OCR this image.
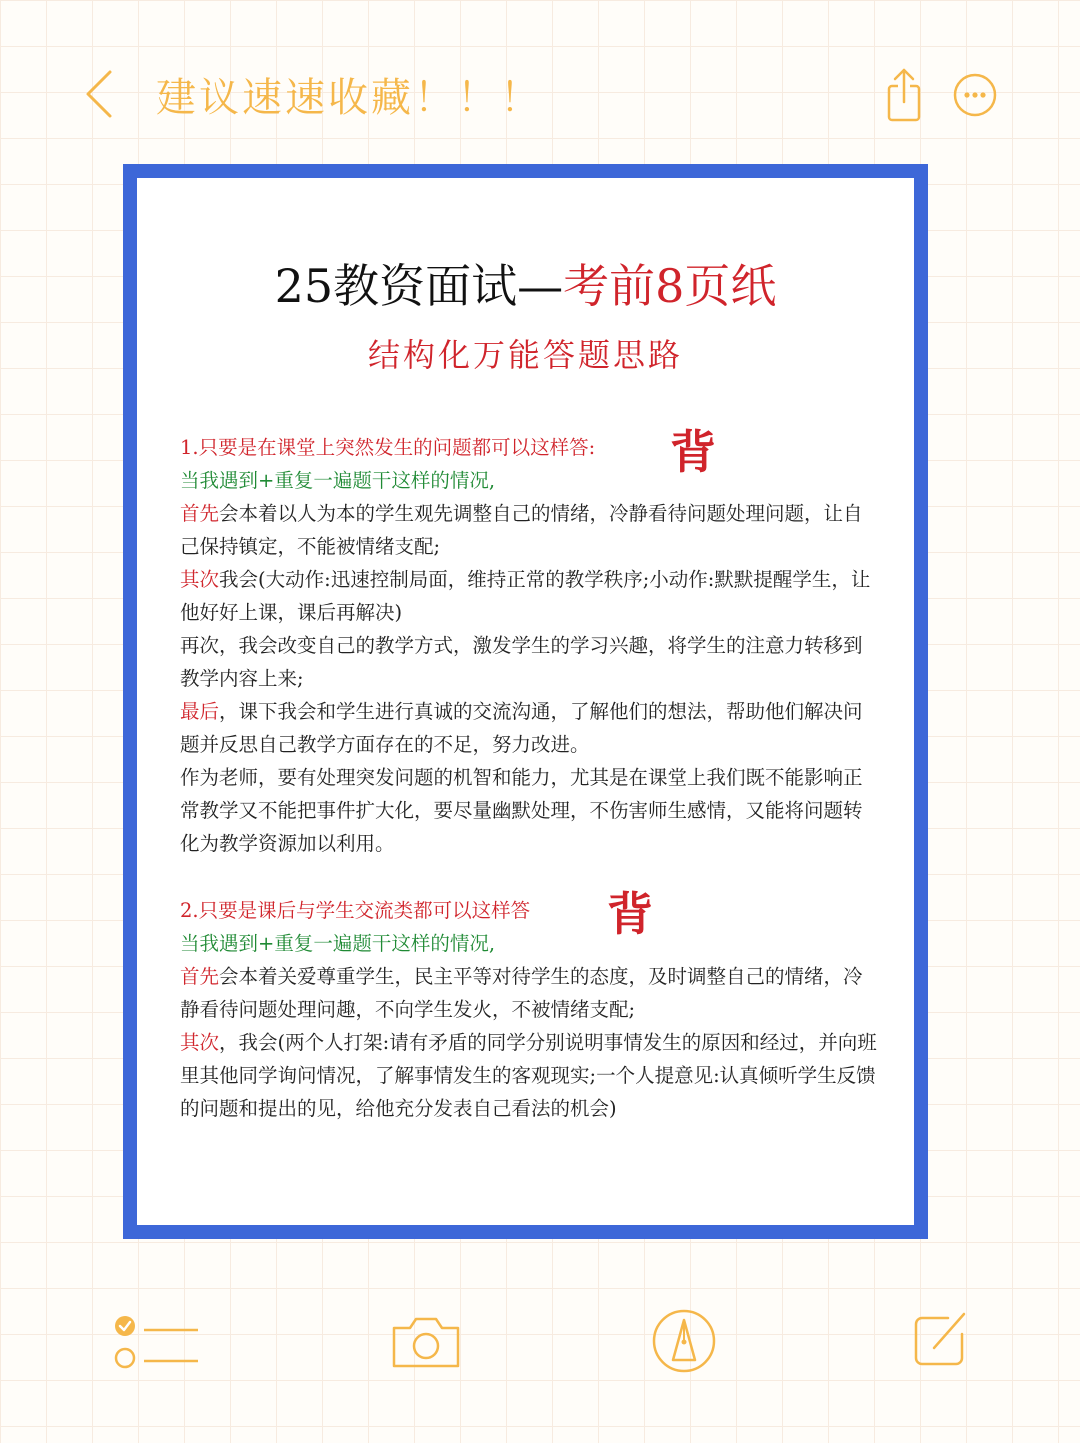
建议速速收藏！！！
25教资面试—考前8页纸
结构化万能答题思路

1.只要是在课堂上突然发生的问题都可以这样答:

当我遇到+重复一遍题干这样的情况,

首先会本着以人为本的学生观先调整自己的情绪，冷静看待问题处理问题，让自己保持镇定，不能被情绪支配;

其次我会(大动作:迅速控制局面，维持正常的教学秩序;小动作:默默提醒学生，让他好好上课，课后再解决)

再次，我会改变自己的教学方式，激发学生的学习兴趣，将学生的注意力转移到教学内容上来;

最后，课下我会和学生进行真诚的交流沟通，了解他们的想法，帮助他们解决问题并反思自己教学方面存在的不足，努力改进。

作为老师，要有处理突发问题的机智和能力，尤其是在课堂上我们既不能影响正常教学又不能把事件扩大化，要尽量幽默处理，不伤害师生感情，又能将问题转化为教学资源加以利用。

背

2.只要是课后与学生交流类都可以这样答

当我遇到+重复一遍题干这样的情况,

首先会本着关爱尊重学生，民主平等对待学生的态度，及时调整自己的情绪，冷静看待问题处理问趣，不向学生发火，不被情绪支配;

其次，我会(两个人打架:请有矛盾的同学分别说明事情发生的原因和经过，并向班里其他同学询问情况，了解事情发生的客观现实;一个人提意见:认真倾听学生反馈的问题和提出的见，给他充分发表自己看法的机会)

背
